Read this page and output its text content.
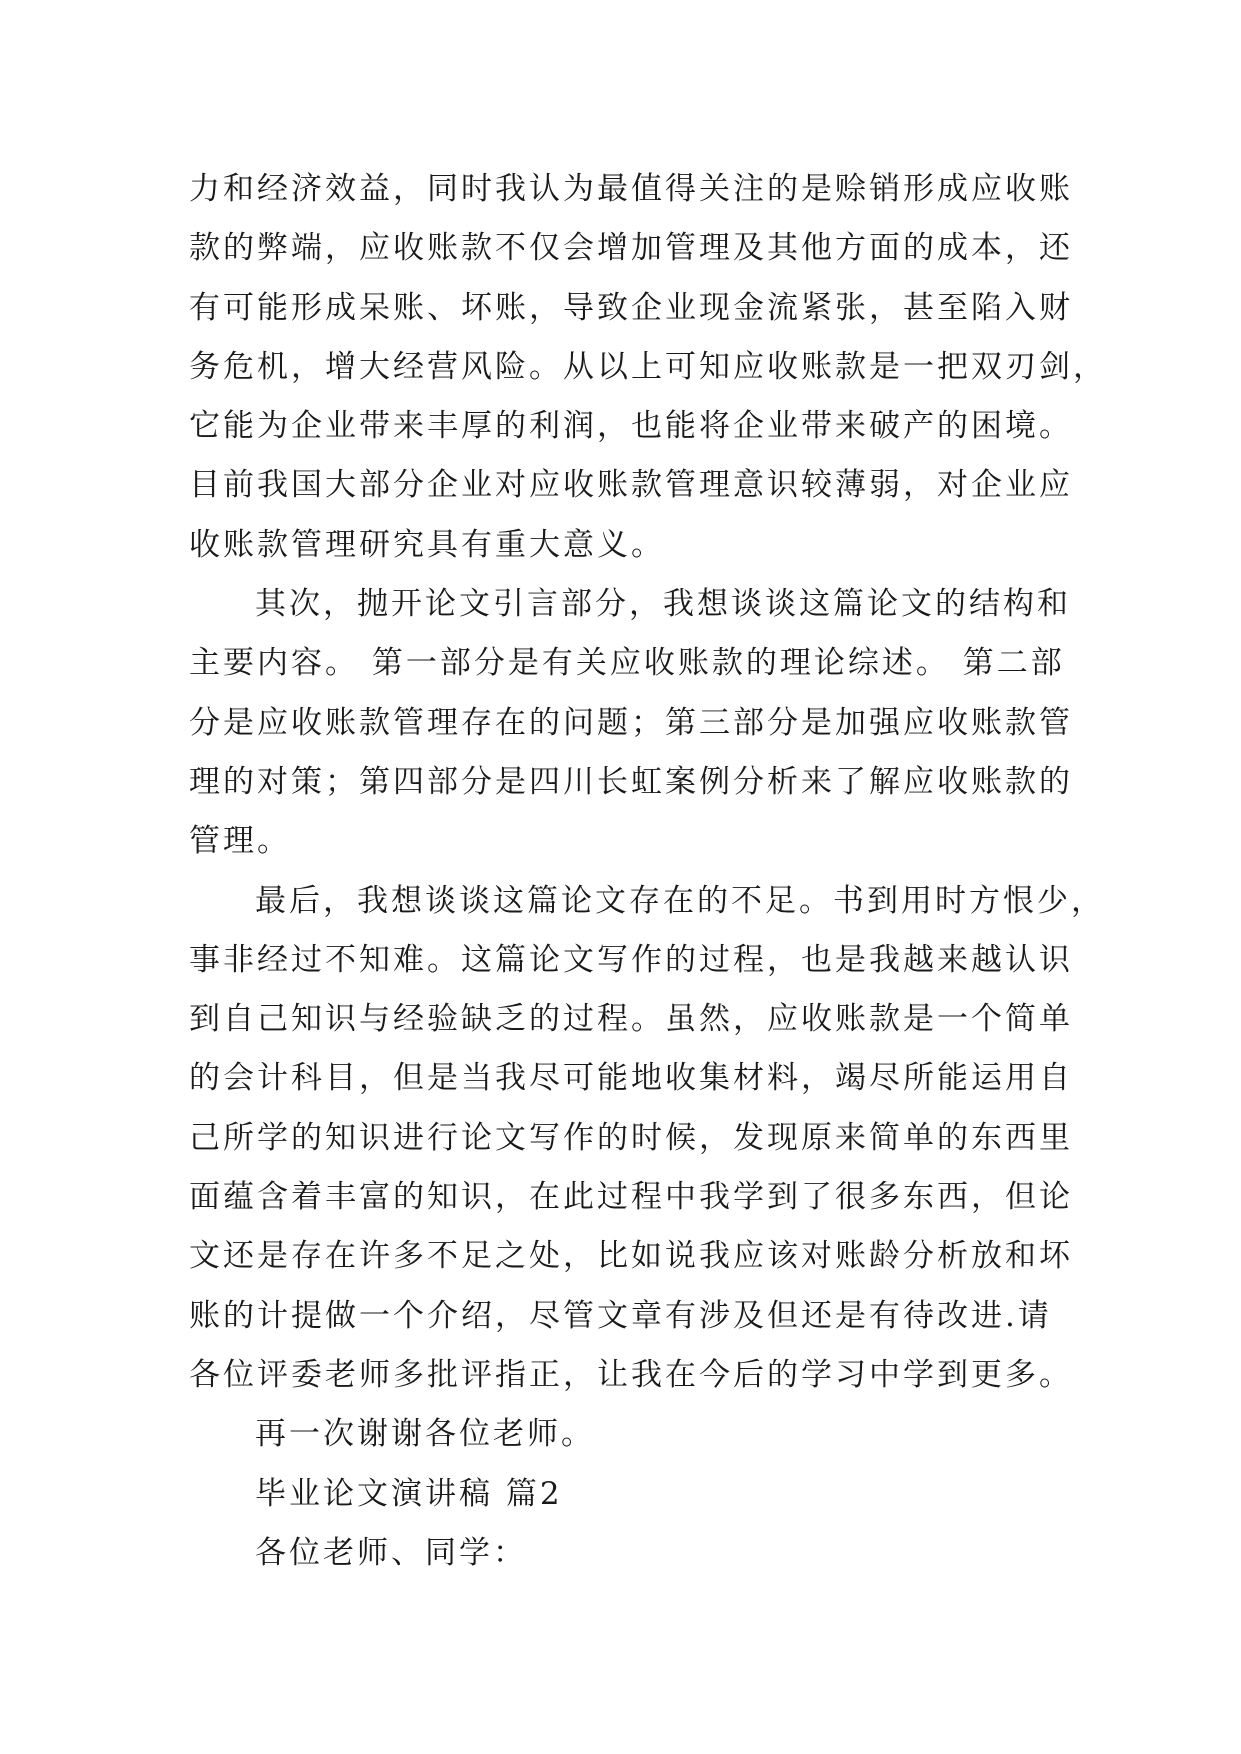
力和经济效益，同时我认为最值得关注的是赊销形成应收账
款的弊端，应收账款不仅会增加管理及其他方面的成本，还
有可能形成呆账、坏账，导致企业现金流紧张，甚至陷入财
务危机，增大经营风险。从以上可知应收账款是一把双刃剑，
它能为企业带来丰厚的利润，也能将企业带来破产的困境。
目前我国大部分企业对应收账款管理意识较薄弱，对企业应
收账款管理研究具有重大意义。
其次，抛开论文引言部分，我想谈谈这篇论文的结构和
主要内容。 第一部分是有关应收账款的理论综述。 第二部
分是应收账款管理存在的问题；第三部分是加强应收账款管
理的对策；第四部分是四川长虹案例分析来了解应收账款的
管理。
最后，我想谈谈这篇论文存在的不足。书到用时方恨少，
事非经过不知难。这篇论文写作的过程，也是我越来越认识
到自己知识与经验缺乏的过程。虽然，应收账款是一个简单
的会计科目，但是当我尽可能地收集材料，竭尽所能运用自
己所学的知识进行论文写作的时候，发现原来简单的东西里
面蕴含着丰富的知识，在此过程中我学到了很多东西，但论
文还是存在许多不足之处，比如说我应该对账龄分析放和坏
账的计提做一个介绍，尽管文章有涉及但还是有待改进.请
各位评委老师多批评指正，让我在今后的学习中学到更多。
再一次谢谢各位老师。
毕业论文演讲稿 篇2
各位老师、同学：
